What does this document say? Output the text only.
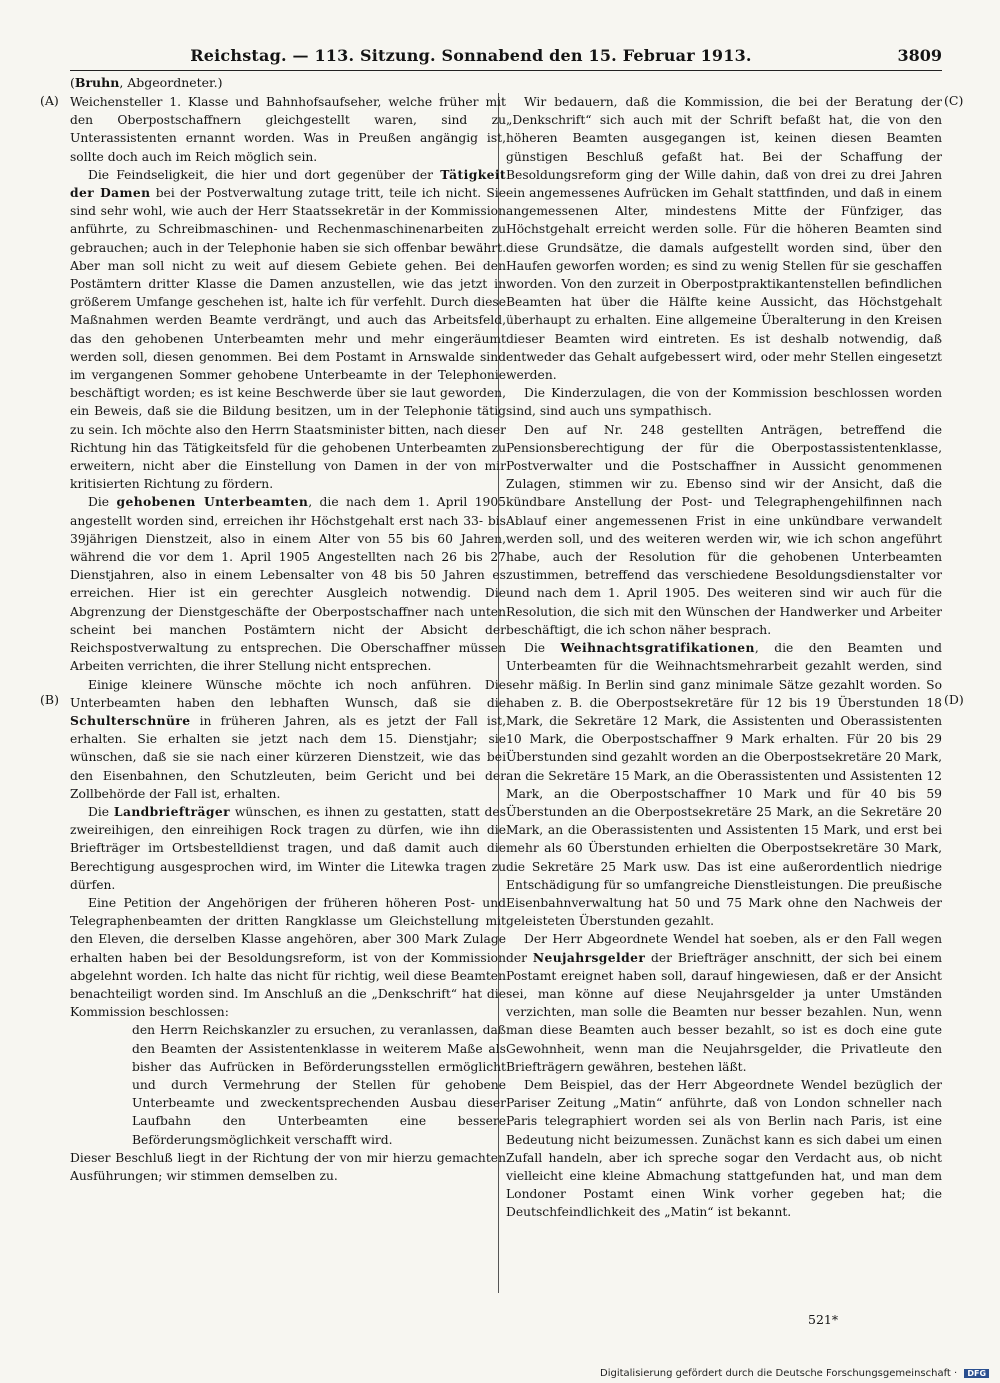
Reichstag. — 113. Sitzung. Sonnabend den 15. Februar 1913.	3809
(Bruhn, Abgeordneter.)
(A)
(B)
(C)
(D)

Weichensteller 1. Klasse und Bahnhofsaufseher, welche früher mit den Oberpostschaffnern gleichgestellt waren, sind zu Unterassistenten ernannt worden. Was in Preußen angängig ist, sollte doch auch im Reich möglich sein.

Die Feindseligkeit, die hier und dort gegenüber der Tätigkeit der Damen bei der Postverwaltung zutage tritt, teile ich nicht. Sie sind sehr wohl, wie auch der Herr Staatssekretär in der Kommission anführte, zu Schreibmaschinen- und Rechenmaschinenarbeiten zu gebrauchen; auch in der Telephonie haben sie sich offenbar bewährt. Aber man soll nicht zu weit auf diesem Gebiete gehen. Bei den Postämtern dritter Klasse die Damen anzustellen, wie das jetzt in größerem Umfange geschehen ist, halte ich für verfehlt. Durch diese Maßnahmen werden Beamte verdrängt, und auch das Arbeitsfeld, das den gehobenen Unterbeamten mehr und mehr eingeräumt werden soll, diesen genommen. Bei dem Postamt in Arnswalde sind im vergangenen Sommer gehobene Unterbeamte in der Telephonie beschäftigt worden; es ist keine Beschwerde über sie laut geworden, ein Beweis, daß sie die Bildung besitzen, um in der Telephonie tätig zu sein. Ich möchte also den Herrn Staatsminister bitten, nach dieser Richtung hin das Tätigkeitsfeld für die gehobenen Unterbeamten zu erweitern, nicht aber die Einstellung von Damen in der von mir kritisierten Richtung zu fördern.

Die gehobenen Unterbeamten, die nach dem 1. April 1905 angestellt worden sind, erreichen ihr Höchstgehalt erst nach 33- bis 39jährigen Dienstzeit, also in einem Alter von 55 bis 60 Jahren, während die vor dem 1. April 1905 Angestellten nach 26 bis 27 Dienstjahren, also in einem Lebensalter von 48 bis 50 Jahren es erreichen. Hier ist ein gerechter Ausgleich notwendig. Die Abgrenzung der Dienstgeschäfte der Oberpostschaffner nach unten scheint bei manchen Postämtern nicht der Absicht der Reichspostverwaltung zu entsprechen. Die Oberschaffner müssen Arbeiten verrichten, die ihrer Stellung nicht entsprechen.

Einige kleinere Wünsche möchte ich noch anführen. Die Unterbeamten haben den lebhaften Wunsch, daß sie die Schulterschnüre in früheren Jahren, als es jetzt der Fall ist, erhalten. Sie erhalten sie jetzt nach dem 15. Dienstjahr; sie wünschen, daß sie sie nach einer kürzeren Dienstzeit, wie das bei den Eisenbahnen, den Schutzleuten, beim Gericht und bei der Zollbehörde der Fall ist, erhalten.

Die Landbriefträger wünschen, es ihnen zu gestatten, statt des zweireihigen, den einreihigen Rock tragen zu dürfen, wie ihn die Briefträger im Ortsbestelldienst tragen, und daß damit auch die Berechtigung ausgesprochen wird, im Winter die Litewka tragen zu dürfen.

Eine Petition der Angehörigen der früheren höheren Post- und Telegraphenbeamten der dritten Rangklasse um Gleichstellung mit den Eleven, die derselben Klasse angehören, aber 300 Mark Zulage erhalten haben bei der Besoldungsreform, ist von der Kommission abgelehnt worden. Ich halte das nicht für richtig, weil diese Beamten benachteiligt worden sind. Im Anschluß an die „Denkschrift“ hat die Kommission beschlossen:

den Herrn Reichskanzler zu ersuchen, zu veranlassen, daß den Beamten der Assistentenklasse in weiterem Maße als bisher das Aufrücken in Beförderungsstellen ermöglicht und durch Vermehrung der Stellen für gehobene Unterbeamte und zweckentsprechenden Ausbau dieser Laufbahn den Unterbeamten eine bessere Beförderungsmöglichkeit verschafft wird.

Dieser Beschluß liegt in der Richtung der von mir hierzu gemachten Ausführungen; wir stimmen demselben zu.

Wir bedauern, daß die Kommission, die bei der Beratung der „Denkschrift“ sich auch mit der Schrift befaßt hat, die von den höheren Beamten ausgegangen ist, keinen diesen Beamten günstigen Beschluß gefaßt hat. Bei der Schaffung der Besoldungsreform ging der Wille dahin, daß von drei zu drei Jahren ein angemessenes Aufrücken im Gehalt stattfinden, und daß in einem angemessenen Alter, mindestens Mitte der Fünfziger, das Höchstgehalt erreicht werden solle. Für die höheren Beamten sind diese Grundsätze, die damals aufgestellt worden sind, über den Haufen geworfen worden; es sind zu wenig Stellen für sie geschaffen worden. Von den zurzeit in Oberpostpraktikantenstellen befindlichen Beamten hat über die Hälfte keine Aussicht, das Höchstgehalt überhaupt zu erhalten. Eine allgemeine Überalterung in den Kreisen dieser Beamten wird eintreten. Es ist deshalb notwendig, daß entweder das Gehalt aufgebessert wird, oder mehr Stellen eingesetzt werden.

Die Kinderzulagen, die von der Kommission beschlossen worden sind, sind auch uns sympathisch.

Den auf Nr. 248 gestellten Anträgen, betreffend die Pensionsberechtigung der für die Oberpostassistentenklasse, Postverwalter und die Postschaffner in Aussicht genommenen Zulagen, stimmen wir zu. Ebenso sind wir der Ansicht, daß die kündbare Anstellung der Post- und Telegraphengehilfinnen nach Ablauf einer angemessenen Frist in eine unkündbare verwandelt werden soll, und des weiteren werden wir, wie ich schon angeführt habe, auch der Resolution für die gehobenen Unterbeamten zustimmen, betreffend das verschiedene Besoldungsdienstalter vor und nach dem 1. April 1905. Des weiteren sind wir auch für die Resolution, die sich mit den Wünschen der Handwerker und Arbeiter beschäftigt, die ich schon näher besprach.

Die Weihnachtsgratifikationen, die den Beamten und Unterbeamten für die Weihnachtsmehrarbeit gezahlt werden, sind sehr mäßig. In Berlin sind ganz minimale Sätze gezahlt worden. So haben z. B. die Oberpostsekretäre für 12 bis 19 Überstunden 18 Mark, die Sekretäre 12 Mark, die Assistenten und Oberassistenten 10 Mark, die Oberpostschaffner 9 Mark erhalten. Für 20 bis 29 Überstunden sind gezahlt worden an die Oberpostsekretäre 20 Mark, an die Sekretäre 15 Mark, an die Oberassistenten und Assistenten 12 Mark, an die Oberpostschaffner 10 Mark und für 40 bis 59 Überstunden an die Oberpostsekretäre 25 Mark, an die Sekretäre 20 Mark, an die Oberassistenten und Assistenten 15 Mark, und erst bei mehr als 60 Überstunden erhielten die Oberpostsekretäre 30 Mark, die Sekretäre 25 Mark usw. Das ist eine außerordentlich niedrige Entschädigung für so umfangreiche Dienstleistungen. Die preußische Eisenbahnverwaltung hat 50 und 75 Mark ohne den Nachweis der geleisteten Überstunden gezahlt.

Der Herr Abgeordnete Wendel hat soeben, als er den Fall wegen der Neujahrsgelder der Briefträger anschnitt, der sich bei einem Postamt ereignet haben soll, darauf hingewiesen, daß er der Ansicht sei, man könne auf diese Neujahrsgelder ja unter Umständen verzichten, man solle die Beamten nur besser bezahlen. Nun, wenn man diese Beamten auch besser bezahlt, so ist es doch eine gute Gewohnheit, wenn man die Neujahrsgelder, die Privatleute den Briefträgern gewähren, bestehen läßt.

Dem Beispiel, das der Herr Abgeordnete Wendel bezüglich der Pariser Zeitung „Matin“ anführte, daß von London schneller nach Paris telegraphiert worden sei als von Berlin nach Paris, ist eine Bedeutung nicht beizumessen. Zunächst kann es sich dabei um einen Zufall handeln, aber ich spreche sogar den Verdacht aus, ob nicht vielleicht eine kleine Abmachung stattgefunden hat, und man dem Londoner Postamt einen Wink vorher gegeben hat; die Deutschfeindlichkeit des „Matin“ ist bekannt.

521*
Digitalisierung gefördert durch die Deutsche Forschungsgemeinschaft · DFG
